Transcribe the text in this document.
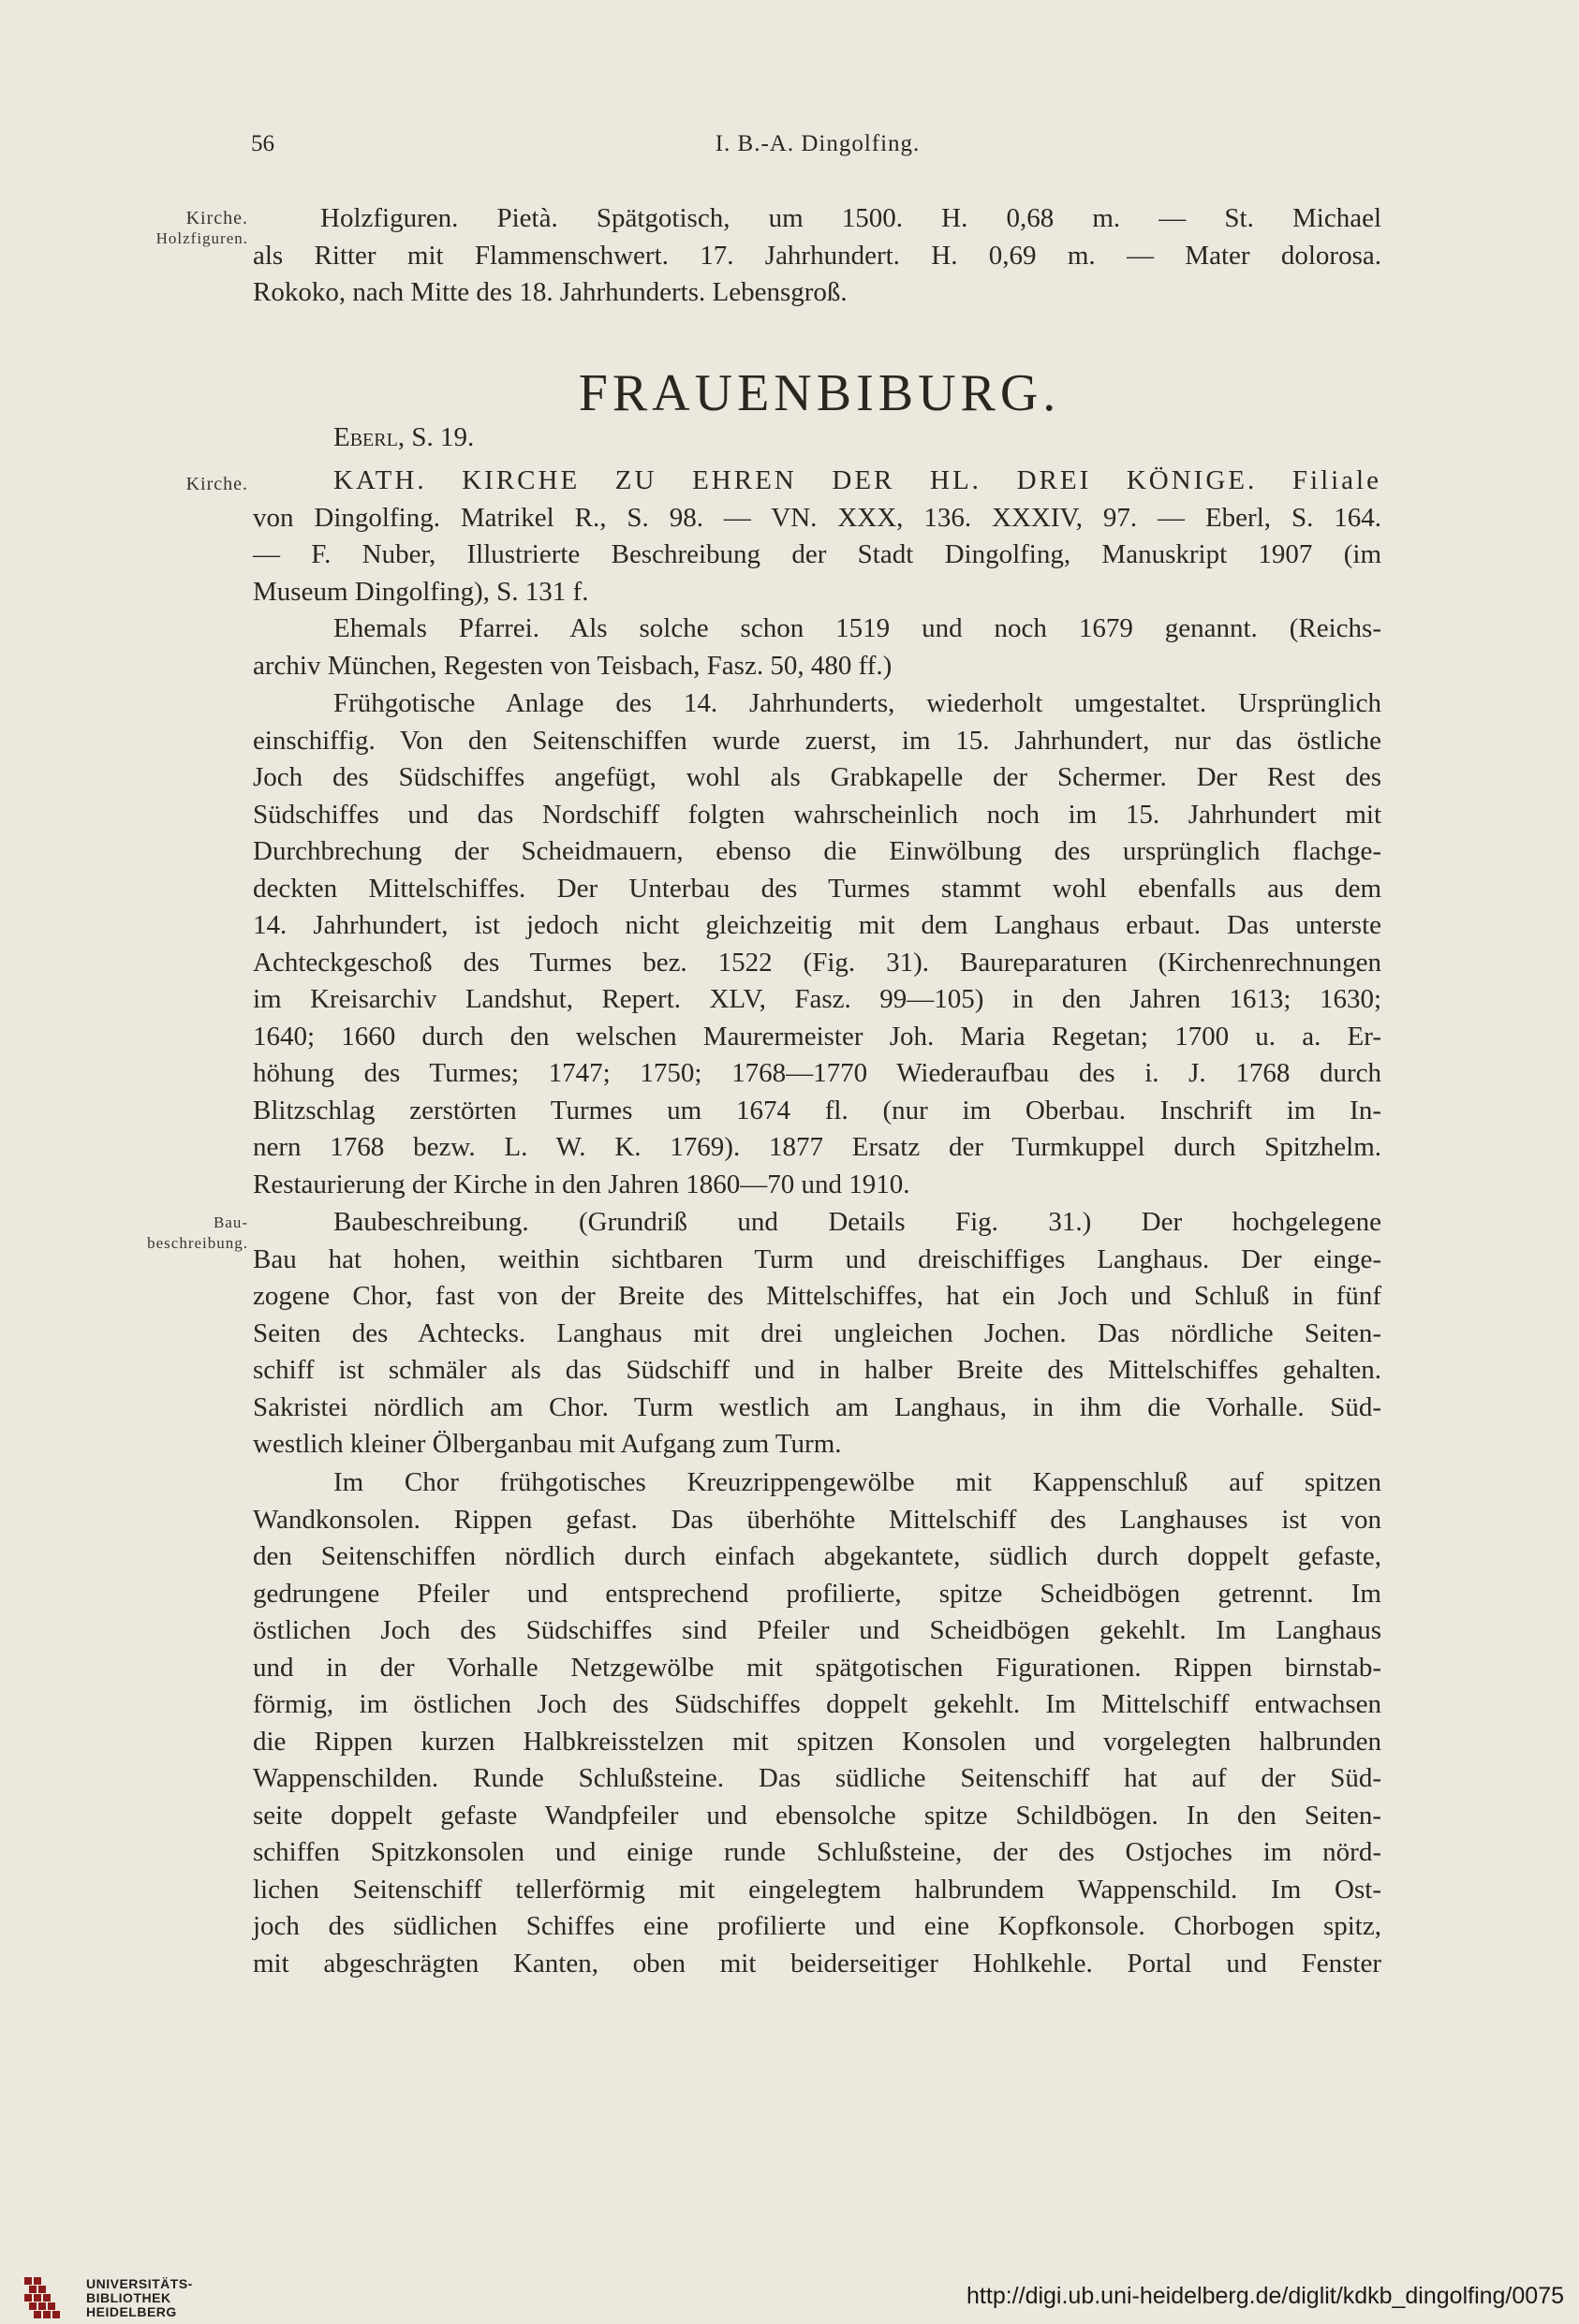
56	I. B.-A. Dingolfing.
Kirche.
Holzfiguren.
Kirche.
Bau-
beschreibung.
Holzfiguren. Pietà. Spätgotisch, um 1500. H. 0,68 m. — St. Michael
als Ritter mit Flammenschwert. 17. Jahrhundert. H. 0,69 m. — Mater dolorosa.
Rokoko, nach Mitte des 18. Jahrhunderts. Lebensgroß.
FRAUENBIBURG.
Eberl, S. 19.
KATH. KIRCHE ZU EHREN DER HL. DREI KÖNIGE. Filiale
von Dingolfing. Matrikel R., S. 98. — VN. XXX, 136. XXXIV, 97. — Eberl, S. 164.
— F. Nuber, Illustrierte Beschreibung der Stadt Dingolfing, Manuskript 1907 (im
Museum Dingolfing), S. 131 f.
Ehemals Pfarrei. Als solche schon 1519 und noch 1679 genannt. (Reichs-
archiv München, Regesten von Teisbach, Fasz. 50, 480 ff.)
Frühgotische Anlage des 14. Jahrhunderts, wiederholt umgestaltet. Ursprünglich
einschiffig. Von den Seitenschiffen wurde zuerst, im 15. Jahrhundert, nur das östliche
Joch des Südschiffes angefügt, wohl als Grabkapelle der Schermer. Der Rest des
Südschiffes und das Nordschiff folgten wahrscheinlich noch im 15. Jahrhundert mit
Durchbrechung der Scheidmauern, ebenso die Einwölbung des ursprünglich flachge-
deckten Mittelschiffes. Der Unterbau des Turmes stammt wohl ebenfalls aus dem
14. Jahrhundert, ist jedoch nicht gleichzeitig mit dem Langhaus erbaut. Das unterste
Achteckgeschoß des Turmes bez. 1522 (Fig. 31). Baureparaturen (Kirchenrechnungen
im Kreisarchiv Landshut, Repert. XLV, Fasz. 99—105) in den Jahren 1613; 1630;
1640; 1660 durch den welschen Maurermeister Joh. Maria Regetan; 1700 u. a. Er-
höhung des Turmes; 1747; 1750; 1768—1770 Wiederaufbau des i. J. 1768 durch
Blitzschlag zerstörten Turmes um 1674 fl. (nur im Oberbau. Inschrift im In-
nern 1768 bezw. L. W. K. 1769). 1877 Ersatz der Turmkuppel durch Spitzhelm.
Restaurierung der Kirche in den Jahren 1860—70 und 1910.
Baubeschreibung. (Grundriß und Details Fig. 31.) Der hochgelegene
Bau hat hohen, weithin sichtbaren Turm und dreischiffiges Langhaus. Der einge-
zogene Chor, fast von der Breite des Mittelschiffes, hat ein Joch und Schluß in fünf
Seiten des Achtecks. Langhaus mit drei ungleichen Jochen. Das nördliche Seiten-
schiff ist schmäler als das Südschiff und in halber Breite des Mittelschiffes gehalten.
Sakristei nördlich am Chor. Turm westlich am Langhaus, in ihm die Vorhalle. Süd-
westlich kleiner Ölberganbau mit Aufgang zum Turm.
Im Chor frühgotisches Kreuzrippengewölbe mit Kappenschluß auf spitzen
Wandkonsolen. Rippen gefast. Das überhöhte Mittelschiff des Langhauses ist von
den Seitenschiffen nördlich durch einfach abgekantete, südlich durch doppelt gefaste,
gedrungene Pfeiler und entsprechend profilierte, spitze Scheidbögen getrennt. Im
östlichen Joch des Südschiffes sind Pfeiler und Scheidbögen gekehlt. Im Langhaus
und in der Vorhalle Netzgewölbe mit spätgotischen Figurationen. Rippen birnstab-
förmig, im östlichen Joch des Südschiffes doppelt gekehlt. Im Mittelschiff entwachsen
die Rippen kurzen Halbkreisstelzen mit spitzen Konsolen und vorgelegten halbrunden
Wappenschilden. Runde Schlußsteine. Das südliche Seitenschiff hat auf der Süd-
seite doppelt gefaste Wandpfeiler und ebensolche spitze Schildbögen. In den Seiten-
schiffen Spitzkonsolen und einige runde Schlußsteine, der des Ostjoches im nörd-
lichen Seitenschiff tellerförmig mit eingelegtem halbrundem Wappenschild. Im Ost-
joch des südlichen Schiffes eine profilierte und eine Kopfkonsole. Chorbogen spitz,
mit abgeschrägten Kanten, oben mit beiderseitiger Hohlkehle. Portal und Fenster
UNIVERSITÄTS-
BIBLIOTHEK
HEIDELBERG
http://digi.ub.uni-heidelberg.de/diglit/kdkb_dingolfing/0075
